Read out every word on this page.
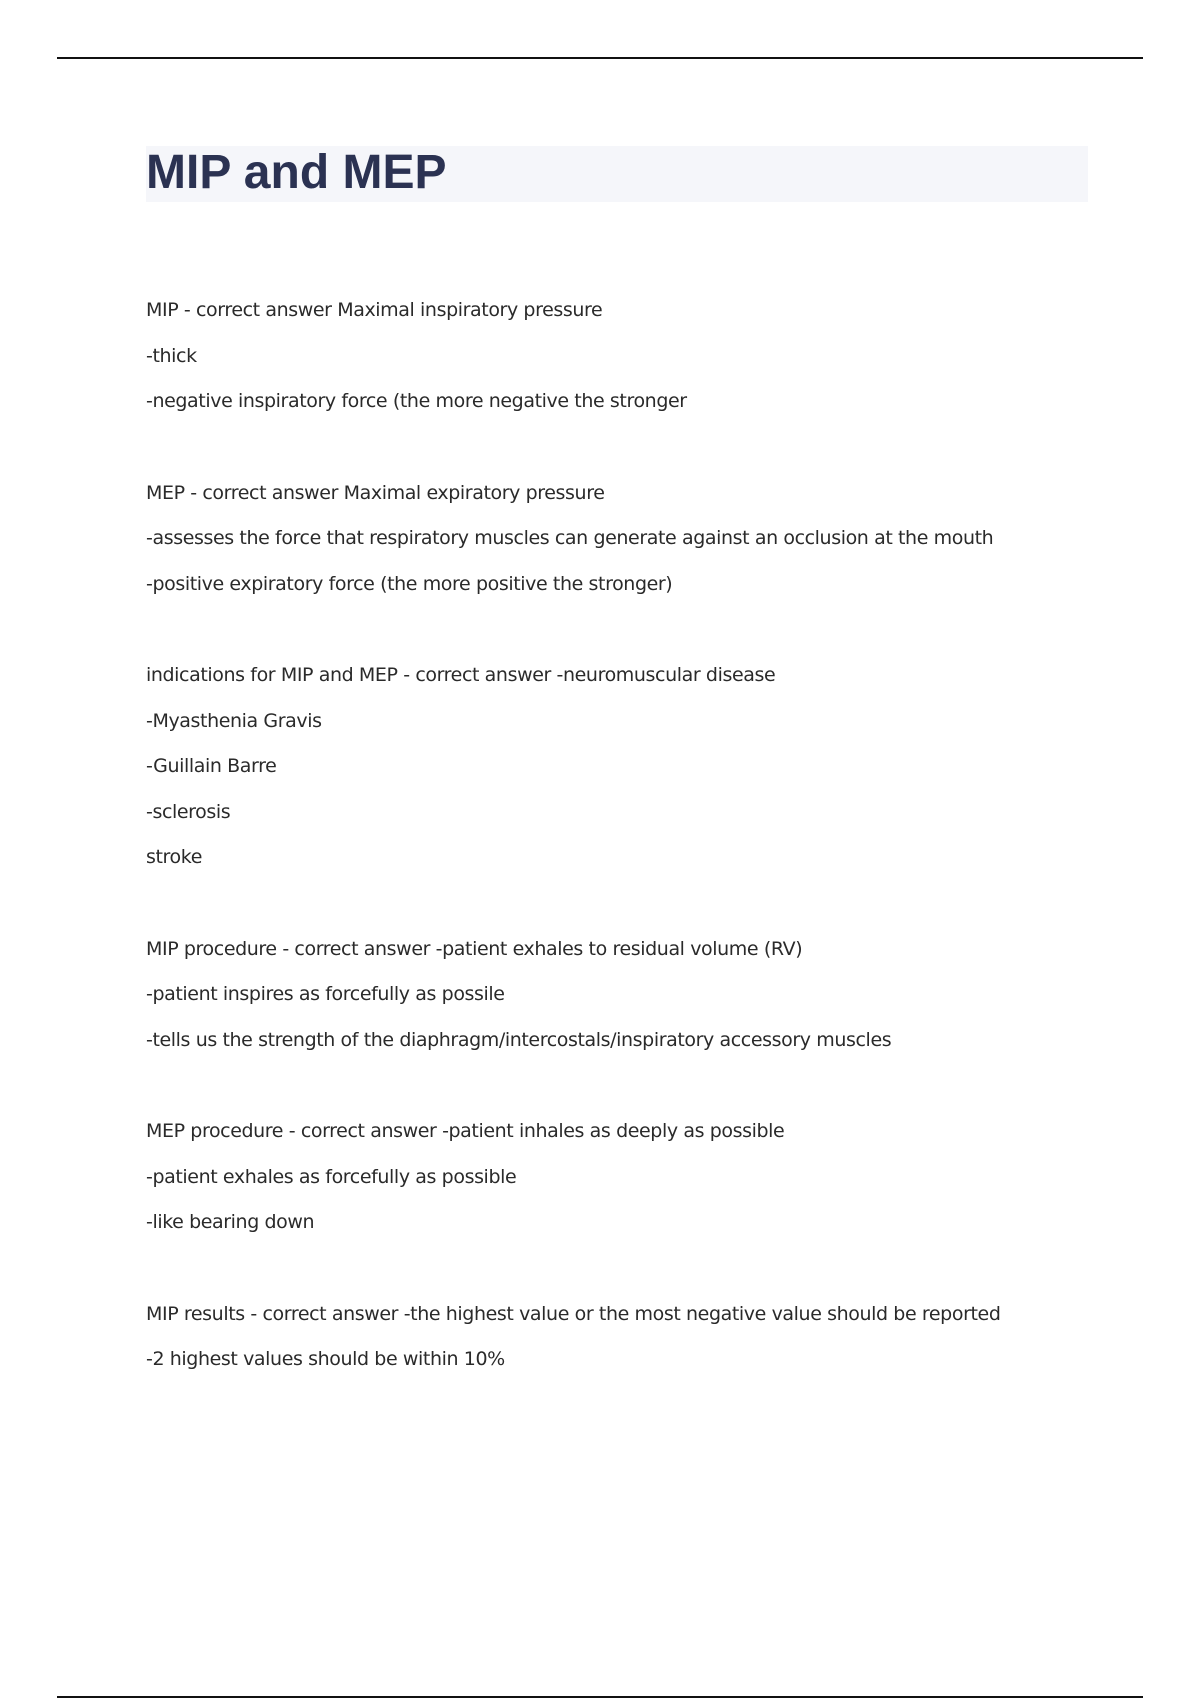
MIP and MEP
MIP - correct answer Maximal inspiratory pressure
-thick
-negative inspiratory force (the more negative the stronger
MEP - correct answer Maximal expiratory pressure
-assesses the force that respiratory muscles can generate against an occlusion at the mouth
-positive expiratory force (the more positive the stronger)
indications for MIP and MEP - correct answer -neuromuscular disease
-Myasthenia Gravis
-Guillain Barre
-sclerosis
stroke
MIP procedure - correct answer -patient exhales to residual volume (RV)
-patient inspires as forcefully as possile
-tells us the strength of the diaphragm/intercostals/inspiratory accessory muscles
MEP procedure - correct answer -patient inhales as deeply as possible
-patient exhales as forcefully as possible
-like bearing down
MIP results - correct answer -the highest value or the most negative value should be reported
-2 highest values should be within 10%
